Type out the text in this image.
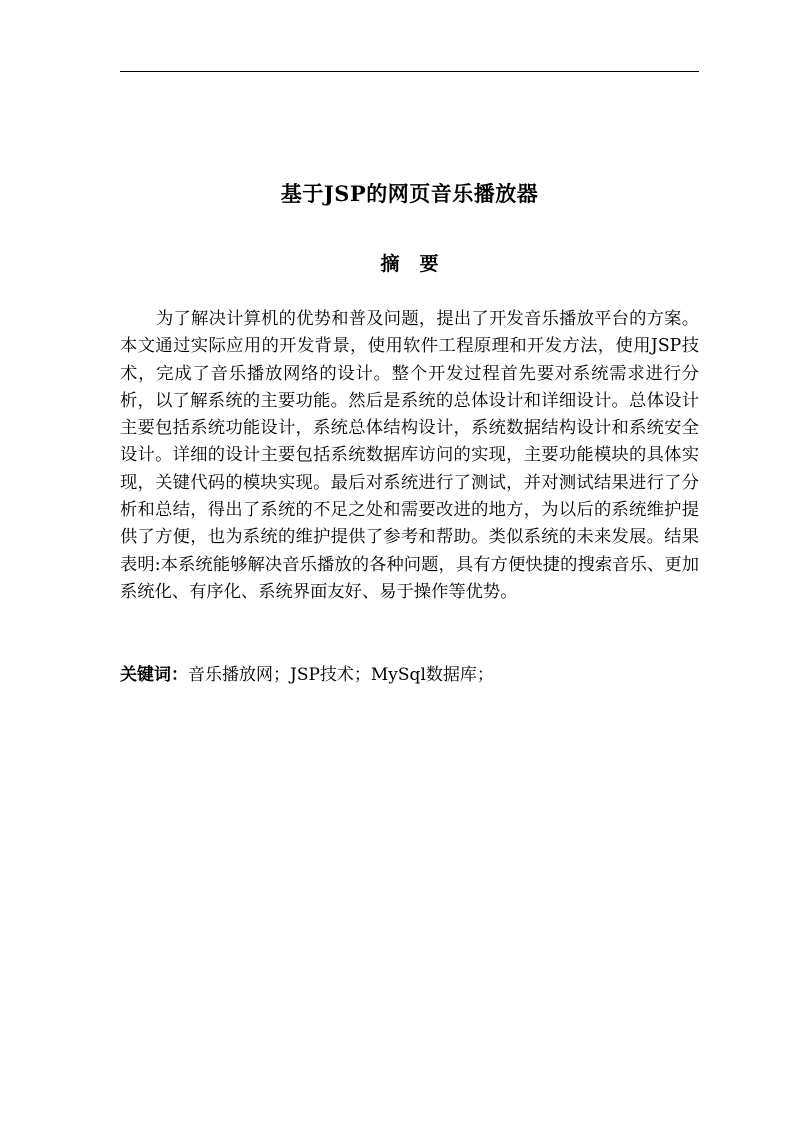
基于JSP的网页音乐播放器
摘要

为了解决计算机的优势和普及问题，提出了开发音乐播放平台的方案。本文通过实际应用的开发背景，使用软件工程原理和开发方法，使用JSP技术，完成了音乐播放网络的设计。整个开发过程首先要对系统需求进行分析，以了解系统的主要功能。然后是系统的总体设计和详细设计。总体设计主要包括系统功能设计，系统总体结构设计，系统数据结构设计和系统安全设计。详细的设计主要包括系统数据库访问的实现，主要功能模块的具体实现，关键代码的模块实现。最后对系统进行了测试，并对测试结果进行了分析和总结，得出了系统的不足之处和需要改进的地方，为以后的系统维护提供了方便，也为系统的维护提供了参考和帮助。类似系统的未来发展。结果表明:本系统能够解决音乐播放的各种问题，具有方便快捷的搜索音乐、更加系统化、有序化、系统界面友好、易于操作等优势。

关键词：音乐播放网；JSP技术；MySql数据库；
